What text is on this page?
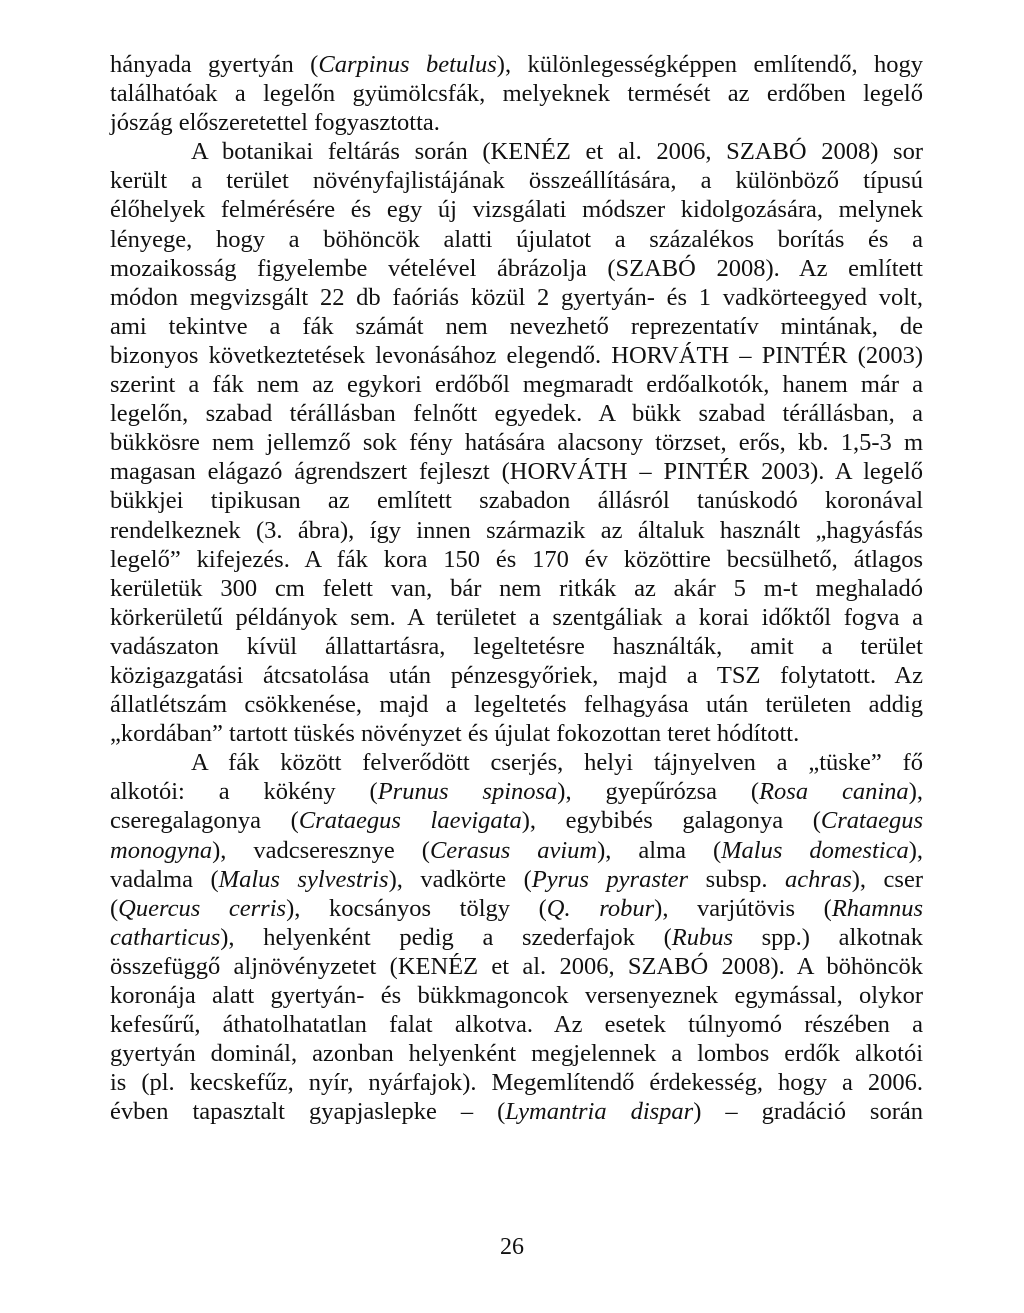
hányada gyertyán (Carpinus betulus), különlegességképpen említendő, hogy
találhatóak a legelőn gyümölcsfák, melyeknek termését az erdőben legelő
jószág előszeretettel fogyasztotta.

A botanikai feltárás során (KENÉZ et al. 2006, SZABÓ 2008) sor
került a terület növényfajlistájának összeállítására, a különböző típusú
élőhelyek felmérésére és egy új vizsgálati módszer kidolgozására, melynek
lényege, hogy a böhöncök alatti újulatot a százalékos borítás és a
mozaikosság figyelembe vételével ábrázolja (SZABÓ 2008). Az említett
módon megvizsgált 22 db faóriás közül 2 gyertyán- és 1 vadkörteegyed volt,
ami tekintve a fák számát nem nevezhető reprezentatív mintának, de
bizonyos következtetések levonásához elegendő. HORVÁTH – PINTÉR (2003)
szerint a fák nem az egykori erdőből megmaradt erdőalkotók, hanem már a
legelőn, szabad térállásban felnőtt egyedek. A bükk szabad térállásban, a
bükkösre nem jellemző sok fény hatására alacsony törzset, erős, kb. 1,5-3 m
magasan elágazó ágrendszert fejleszt (HORVÁTH – PINTÉR 2003). A legelő
bükkjei tipikusan az említett szabadon állásról tanúskodó koronával
rendelkeznek (3. ábra), így innen származik az általuk használt „hagyásfás
legelő” kifejezés. A fák kora 150 és 170 év közöttire becsülhető, átlagos
kerületük 300 cm felett van, bár nem ritkák az akár 5 m-t meghaladó
körkerületű példányok sem. A területet a szentgáliak a korai időktől fogva a
vadászaton kívül állattartásra, legeltetésre használták, amit a terület
közigazgatási átcsatolása után pénzesgyőriek, majd a TSZ folytatott. Az
állatlétszám csökkenése, majd a legeltetés felhagyása után területen addig
„kordában” tartott tüskés növényzet és újulat fokozottan teret hódított.

A fák között felverődött cserjés, helyi tájnyelven a „tüske” fő
alkotói: a kökény (Prunus spinosa), gyepűrózsa (Rosa canina),
cseregalagonya (Crataegus laevigata), egybibés galagonya (Crataegus
monogyna), vadcseresznye (Cerasus avium), alma (Malus domestica),
vadalma (Malus sylvestris), vadkörte (Pyrus pyraster subsp. achras), cser
(Quercus cerris), kocsányos tölgy (Q. robur), varjútövis (Rhamnus
catharticus), helyenként pedig a szederfajok (Rubus spp.) alkotnak
összefüggő aljnövényzetet (KENÉZ et al. 2006, SZABÓ 2008). A böhöncök
koronája alatt gyertyán- és bükkmagoncok versenyeznek egymással, olykor
kefesűrű, áthatolhatatlan falat alkotva. Az esetek túlnyomó részében a
gyertyán dominál, azonban helyenként megjelennek a lombos erdők alkotói
is (pl. kecskefűz, nyír, nyárfajok). Megemlítendő érdekesség, hogy a 2006.
évben tapasztalt gyapjaslepke – (Lymantria dispar) – gradáció során

26
